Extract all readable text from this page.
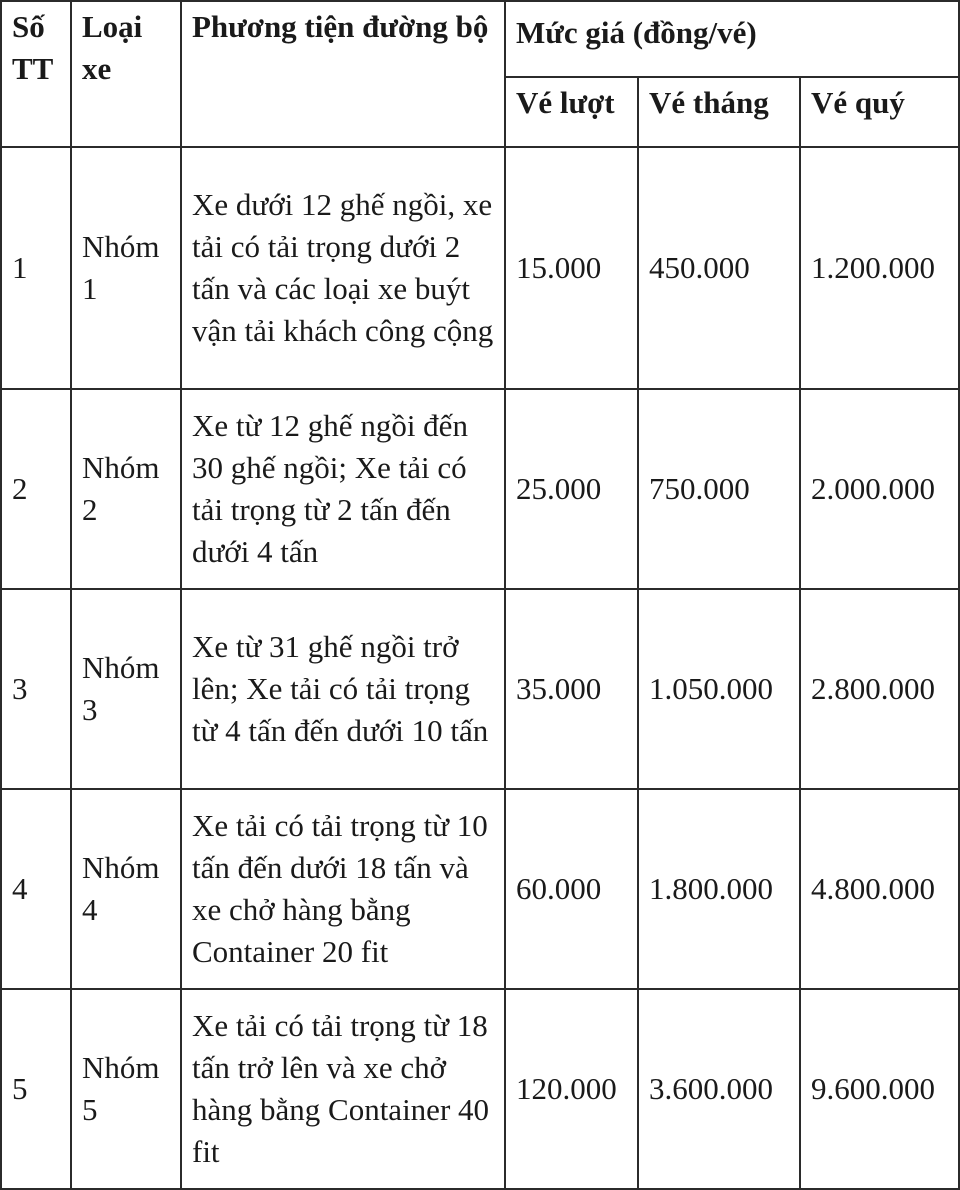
Số TT	Loại xe	Phương tiện đường bộ	Mức giá (đồng/vé)		
			Vé lượt	Vé tháng	Vé quý
1	Nhóm 1	Xe dưới 12 ghế ngồi, xe tải có tải trọng dưới 2 tấn và các loại xe buýt vận tải khách công cộng	15.000	450.000	1.200.000
2	Nhóm 2	Xe từ 12 ghế ngồi đến 30 ghế ngồi; Xe tải có tải trọng từ 2 tấn đến dưới 4 tấn	25.000	750.000	2.000.000
3	Nhóm 3	Xe từ 31 ghế ngồi trở lên; Xe tải có tải trọng từ 4 tấn đến dưới 10 tấn	35.000	1.050.000	2.800.000
4	Nhóm 4	Xe tải có tải trọng từ 10 tấn đến dưới 18 tấn và xe chở hàng bằng Container 20 fit	60.000	1.800.000	4.800.000
5	Nhóm 5	Xe tải có tải trọng từ 18 tấn trở lên và xe chở hàng bằng Container 40 fit	120.000	3.600.000	9.600.000
